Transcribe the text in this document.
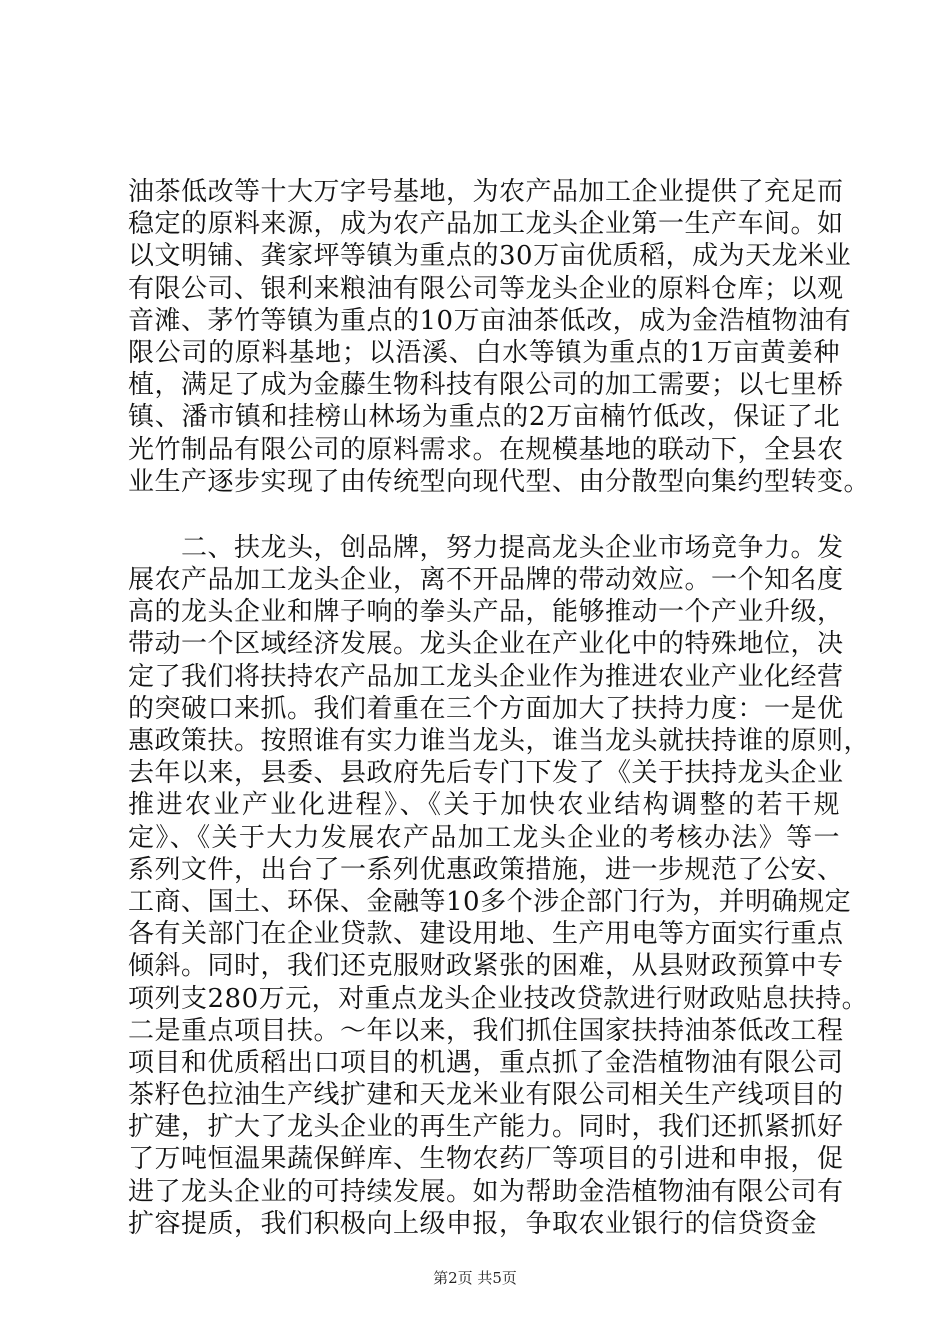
油茶低改等十大万字号基地，为农产品加工企业提供了充足而
稳定的原料来源，成为农产品加工龙头企业第一生产车间。如
以文明铺、龚家坪等镇为重点的30万亩优质稻，成为天龙米业
有限公司、银利来粮油有限公司等龙头企业的原料仓库；以观
音滩、茅竹等镇为重点的10万亩油茶低改，成为金浩植物油有
限公司的原料基地；以浯溪、白水等镇为重点的1万亩黄姜种
植，满足了成为金藤生物科技有限公司的加工需要；以七里桥
镇、潘市镇和挂榜山林场为重点的2万亩楠竹低改，保证了北
光竹制品有限公司的原料需求。在规模基地的联动下，全县农
业生产逐步实现了由传统型向现代型、由分散型向集约型转变。
　　二、扶龙头，创品牌，努力提高龙头企业市场竞争力。发
展农产品加工龙头企业，离不开品牌的带动效应。一个知名度
高的龙头企业和牌子响的拳头产品，能够推动一个产业升级，
带动一个区域经济发展。龙头企业在产业化中的特殊地位，决
定了我们将扶持农产品加工龙头企业作为推进农业产业化经营
的突破口来抓。我们着重在三个方面加大了扶持力度：一是优
惠政策扶。按照谁有实力谁当龙头，谁当龙头就扶持谁的原则，
去年以来，县委、县政府先后专门下发了《关于扶持龙头企业
推进农业产业化进程》、《关于加快农业结构调整的若干规
定》、《关于大力发展农产品加工龙头企业的考核办法》等一
系列文件，出台了一系列优惠政策措施，进一步规范了公安、
工商、国土、环保、金融等10多个涉企部门行为，并明确规定
各有关部门在企业贷款、建设用地、生产用电等方面实行重点
倾斜。同时，我们还克服财政紧张的困难，从县财政预算中专
项列支280万元，对重点龙头企业技改贷款进行财政贴息扶持。
二是重点项目扶。～年以来，我们抓住国家扶持油茶低改工程
项目和优质稻出口项目的机遇，重点抓了金浩植物油有限公司
茶籽色拉油生产线扩建和天龙米业有限公司相关生产线项目的
扩建，扩大了龙头企业的再生产能力。同时，我们还抓紧抓好
了万吨恒温果蔬保鲜库、生物农药厂等项目的引进和申报，促
进了龙头企业的可持续发展。如为帮助金浩植物油有限公司有
扩容提质，我们积极向上级申报，争取农业银行的信贷资金
第2页 共5页
